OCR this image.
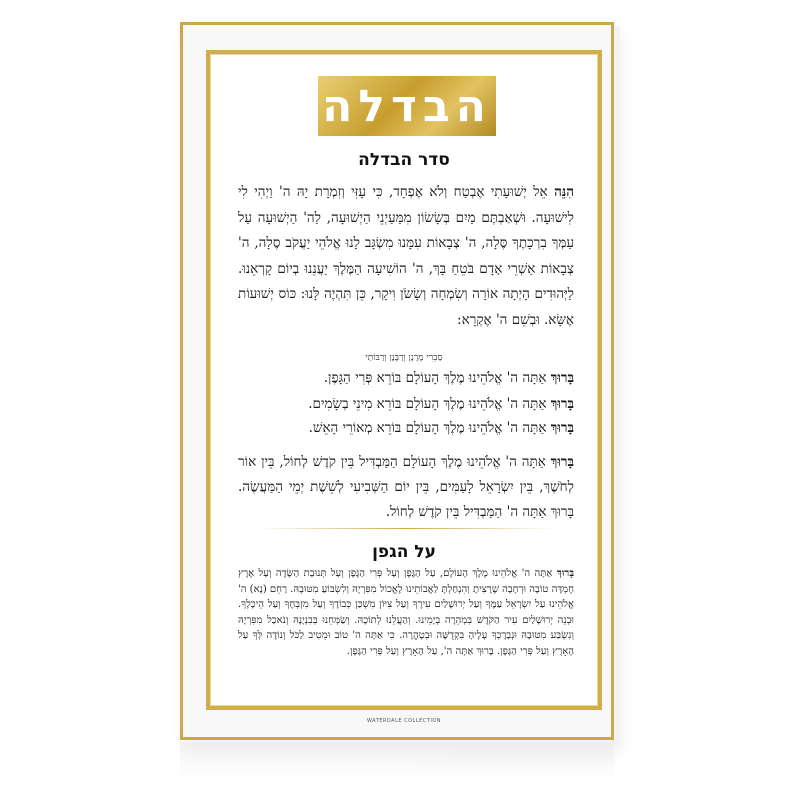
הבדלה
סדר הבדלה
הִנֵּה אֵל יְשׁוּעָתִי אֶבְטַח וְלֹא אֶפְחָד, כִּי עָזִּי וְזִמְרָת יָהּ ה' וַיְהִי לִי לִישׁוּעָה. וּשְׁאַבְתֶּם מַיִם בְּשָׂשׂוֹן מִמַּעַיְנֵי הַיְשׁוּעָה, לַה' הַיְשׁוּעָה עַל עַמְּךָ בִרְכָתֶךָ סֶּלָה, ה' צְבָאוֹת עִמָּנוּ מִשְׂגָּב לָנוּ אֱלֹהֵי יַעֲקֹב סֶלָה, ה' צְבָאוֹת אַשְׁרֵי אָדָם בֹּטֵחַ בָּךְ, ה' הוֹשִׁיעָה הַמֶּלֶךְ יַעֲנֵנוּ בְיוֹם קָרְאֵנוּ. לַיְּהוּדִים הָיְתָה אוֹרָה וְשִׂמְחָה וְשָׂשֹׂן וִיקָר, כֵּן תִּהְיֶה לָּנוּ: כּוֹס יְשׁוּעוֹת אֶשָּׂא. וּבְשֵׁם ה' אֶקְרָא:
סַבְרִי מָרָנָן וְרַבָּנָן וְרַבּוֹתַי
בָּרוּךְ אַתָּה ה' אֱלֹהֵינוּ מֶלֶךְ הָעוֹלָם בּוֹרֵא פְּרִי הַגָּפֶן.
בָּרוּךְ אַתָּה ה' אֱלֹהֵינוּ מֶלֶךְ הָעוֹלָם בּוֹרֵא מִינֵי בְשָׂמִים.
בָּרוּךְ אַתָּה ה' אֱלֹהֵינוּ מֶלֶךְ הָעוֹלָם בּוֹרֵא מְאוֹרֵי הָאֵשׁ.
בָּרוּךְ אַתָּה ה' אֱלֹהֵינוּ מֶלֶךְ הָעוֹלָם הַמַּבְדִּיל בֵּין קֹדֶשׁ לְחוֹל, בֵּין אוֹר לְחֹשֶׁךְ, בֵּין יִשְׂרָאֵל לָעַמִּים, בֵּין יוֹם הַשְּׁבִיעִי לְשֵׁשֶׁת יְמֵי הַמַּעֲשֶׂה. בָּרוּךְ אַתָּה ה' הַמַּבְדִּיל בֵּין קֹדֶשׁ לְחוֹל.
על הגפן
בָּרוּךְ אַתָּה ה' אֱלֹהֵינוּ מֶלֶךְ הָעוֹלָם, עַל הַגֶּפֶן וְעַל פְּרִי הַגֶּפֶן וְעַל תְּנוּבַת הַשָּׂדֶה וְעַל אֶרֶץ חֶמְדָּה טוֹבָה וּרְחָבָה שֶׁרָצִיתָ וְהִנְחַלְתָּ לַאֲבוֹתֵינוּ לֶאֱכוֹל מִפִּרְיָהּ וְלִשְׂבּוֹעַ מִטּוּבָהּ. רַחֵם (נָא) ה' אֱלֹהֵינוּ עַל יִשְׂרָאֵל עַמֶּךָ וְעַל יְרוּשָׁלַיִם עִירֶךָ וְעַל צִיּוֹן מִשְׁכַּן כְּבוֹדֶךָ וְעַל מִזְבְּחֶךָ וְעַל הֵיכָלֶךָ. וּבְנֵה יְרוּשָׁלַיִם עִיר הַקֹּדֶשׁ בִּמְהֵרָה בְיָמֵינוּ. וְהַעֲלֵנוּ לְתוֹכָהּ. וְשַׂמְּחֵנוּ בְּבִנְיָנָהּ וְנֹאכַל מִפִּרְיָהּ וְנִשְׂבַּע מִטּוּבָהּ וּנְבָרֶכְךָ עָלֶיהָ בִּקְדֻשָּׁה וּבְטָהֳרָה. כִּי אַתָּה ה' טוֹב וּמֵטִיב לַכֹּל וְנוֹדֶה לְּךָ עַל הָאָרֶץ וְעַל פְּרִי הַגָּפֶן. בָּרוּךְ אַתָּה ה', עַל הָאָרֶץ וְעַל פְּרִי הַגָּפֶן.
WATERDALE COLLECTION
